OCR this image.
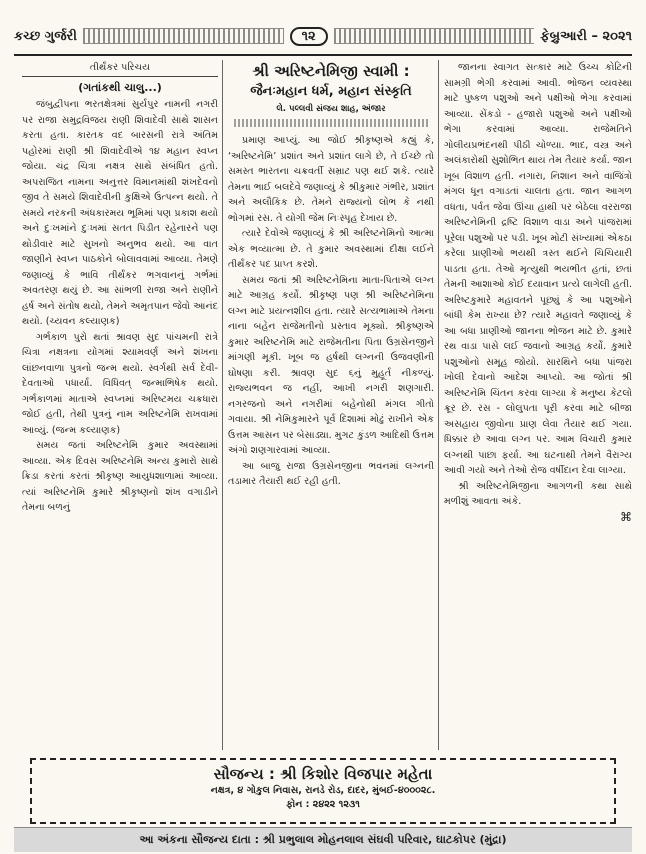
કચ્છ ગુર્જરી	૧૨	ફેબ્રુઆરી – ૨૦૨૧
તીર્થંકર પરિચય
(ગતાંકથી ચાલુ...)

જંબુદ્વીપના ભરતક્ષેત્રમાં સુર્યપુર નામની નગરી પર રાજા સમુદ્રવિજય રાણી શિવાદેવી સાથે શાસન કરતા હતા. કારતક વદ બારસની રાત્રે અંતિમ પહોરમાં રાણી શ્રી શિવાદેવીએ ૧૪ મહાન સ્વપ્ન જોયા. ચંદ્ર ચિત્રા નક્ષત્ર સાથે સંબંધિત હતો. અપરાજિત નામના અનુત્તર વિમાનમાંથી શંખદેવનો જીવ તે સમયે શિવાદેવીની કુક્ષિએ ઉત્પન્ન થયો. તે સમયે નરકની અંધકારમય ભૂમિમાં પણ પ્રકાશ થયો અને દુઃખમાંને દુઃખમાં સતત પિડીત રહેનારને પણ થોડીવાર માટે સુખનો અનુભવ થયો. આ વાત જાણીને સ્વપ્ન પાઠકોને બોલાવવામાં આવ્યા. તેમણે જણાવ્યું કે ભાવિ તીર્થંકર ભગવાનનું ગર્ભમાં અવતરણ થયું છે. આ સાંભળી રાજા અને રાણીને હર્ષ અને સંતોષ થયો, તેમને અમૃતપાન જેવો આનંદ થયો. (ચ્યવન કલ્યાણક)

ગર્ભકાળ પુરો થતાં શ્રાવણ સુદ પાંચમની રાત્રે ચિત્રા નક્ષત્રના યોગમાં શ્યામવર્ણ અને શંખના લાંછનવાળા પુત્રનો જન્મ થયો. સ્વર્ગથી સર્વ દેવી-દેવતાઓ પધાર્યા. વિધિવત્ જન્માભિષેક થયો. ગર્ભકાળમાં માતાએ સ્વપ્નમાં અરિષ્ટમય ચક્રધારા જોઈ હતી, તેથી પુત્રનું નામ અરિષ્ટનેમિ રાખવામાં આવ્યું. (જન્મ કલ્યાણક)

સમય જતાં અરિષ્ટનેમિ કુમાર અવસ્થામાં આવ્યા. એક દિવસ અરિષ્ટનેમિ અન્ય કુમારો સાથે ક્રિડા કરતાં કરતાં શ્રીકૃષ્ણ આયુધશાળામાં આવ્યા. ત્યાં અરિષ્ટનેમિ કુમારે શ્રીકૃષ્ણનો શંખ વગાડીને તેમના બળનું

શ્રી અરિષ્ટનેમિજી સ્વામી :
જૈનઃમહાન ધર્મ, મહાન સંસ્કૃતિ
લે. પલ્લવી સંજય શાહ, અંજાર

પ્રમાણ આપ્યું. આ જોઈ શ્રીકૃષ્ણએ કહ્યું કે, ‘અરિષ્ટનેમિ’ પ્રશાંત અને પ્રશાંત લાગે છે, તે ઈચ્છે તો સમસ્ત ભારતના ચક્રવર્તી સમ્રાટ પણ થઈ શકે. ત્યારે તેમના ભાઈ બલદેવે જણાવ્યું કે શ્રીકુમાર ગંભીર, પ્રશાંત અને અલૌકિક છે. તેમને રાજ્યનો લોભ કે નથી ભોગમાં રસ. તે યોગી જેમ નિઃસ્પૃહ દેખાય છે.

ત્યારે દેવોએ જણાવ્યું કે શ્રી અરિષ્ટનેમિનો આત્મા એક ભવ્યાત્મા છે. તે કુમાર અવસ્થામાં દીક્ષા લઈને તીર્થંકર પદ પ્રાપ્ત કરશે.

સમય જતાં શ્રી અરિષ્ટનેમિના માતા-પિતાએ લગ્ન માટે આગ્રહ કર્યો. શ્રીકૃષ્ણ પણ શ્રી અરિષ્ટનેમિના લગ્ન માટે પ્રયત્નશીલ હતા. ત્યારે સત્યભામાએ તેમના નાના બહેન રાજેમતીનો પ્રસ્તાવ મૂક્યો. શ્રીકૃષ્ણએ કુમાર અરિષ્ટનેમિ માટે રાજેમતીના પિતા ઉગ્રસેનજીને માંગણી મૂકી. ખૂબ જ હર્ષથી લગ્નની ઉજવણીની ઘોષણા કરી. શ્રાવણ સુદ ૬નું મુહૂર્ત નીકળ્યું. રાજ્યભવન જ નહીં, આખી નગરી શણગારી. નગરજનો અને નગરીમાં બહેનોથી મંગલ ગીતો ગવાયા. શ્રી નેમિકુમારને પૂર્વ દિશામાં મોઢું રાખીને એક ઉત્તમ આસન પર બેસાડ્યા. મુગટ કુંડળ આદિથી ઉત્તમ અંગો શણગારવામાં આવ્યા.

આ બાજુ રાજા ઉગ્રસેનજીના ભવનમાં લગ્નની તડામાર તૈયારી થઈ રહી હતી.

જાનના સ્વાગત સત્કાર માટે ઉચ્ચ કોટિની સામગ્રી ભેગી કરવામાં આવી. ભોજન વ્યવસ્થા માટે પુષ્કળ પશુઓ અને પક્ષીઓ ભેગા કરવામાં આવ્યા. સેંકડો - હજારો પશુઓ અને પક્ષીઓ ભેગા કરવામાં આવ્યા. રાજેમતિને ગોલીયપ્રભંદનથી પીઠી ચોળ્યા. ભાદ, વસ્ત્ર અને અલંકારોથી સુશોભિત થાય તેમ તૈયાર કર્યા. જાન ખૂબ વિશાળ હતી. નગારા, નિશાન અને વાજિંત્રો મંગલ ધૂન વગાડતાં ચાલતા હતા. જાન આગળ વધતા, પર્વત જેવા ઊંચા હાથી પર બેઠેલા વરરાજા અરિષ્ટનેમિની દ્રષ્ટિ વિશાળ વાડા અને પાંજરામાં પૂરેલા પશુઓ પર પડી. ખૂબ મોટી સંખ્યામાં એકઠા કરેલા પ્રાણીઓ ભયથી ત્રસ્ત થઈને ચિચિયારી પાડતા હતા. તેઓ મૃત્યુથી ભયભીત હતાં, છતાં તેમની આશાઓ કોઈ દયાવાન પ્રત્યે લાગેલી હતી. અરિષ્ટકુમારે મહાવતને પૂછ્યું કે આ પશુઓને બાંધી કેમ રાખ્યા છે? ત્યારે મહાવતે જણાવ્યું કે આ બધા પ્રાણીઓ જાનના ભોજન માટે છે. કુમારે રથ વાડા પાસે લઈ જવાનો આગ્રહ કર્યો. કુમારે પશુઓનો સમૂહ જોયો. સારથિને બધા પાંજરા ખોલી દેવાનો આદેશ આપ્યો. આ જોતાં શ્રી અરિષ્ટનેમિ ચિંતન કરવા લાગ્યા કે મનુષ્ય કેટલો ક્રૂર છે. રસ - લોલુપતા પૂરી કરવા માટે બીજા અસહાય જીવોના પ્રાણ લેવા તૈયાર થઈ ગયા. ધિક્કાર છે આવા લગ્ન પર. આમ વિચારી કુમાર લગ્નથી પાછા ફર્યા. આ ઘટનાથી તેમને વૈરાગ્ય આવી ગયો અને તેઓ રોજ વર્ષીદાન દેવા લાગ્યા.

શ્રી અરિષ્ટનેમિજીના આગળની કથા સાથે મળીશું આવતા અંકે.

⌘
સૌજન્ય : શ્રી કિશોર વિજપાર મહેતા
નક્ષત્ર, ૪ ગોકુલ નિવાસ, રાનડે રોડ, દાદર, મુંબઈ-૪૦૦૦૨૮.
ફોન : ૨૪૨૨ ૧૨૩૧
આ અંકના સૌજન્ય દાતા : શ્રી પ્રભુલાલ મોહનલાલ સંઘવી પરિવાર, ઘાટકોપર (મુંદ્રા)
